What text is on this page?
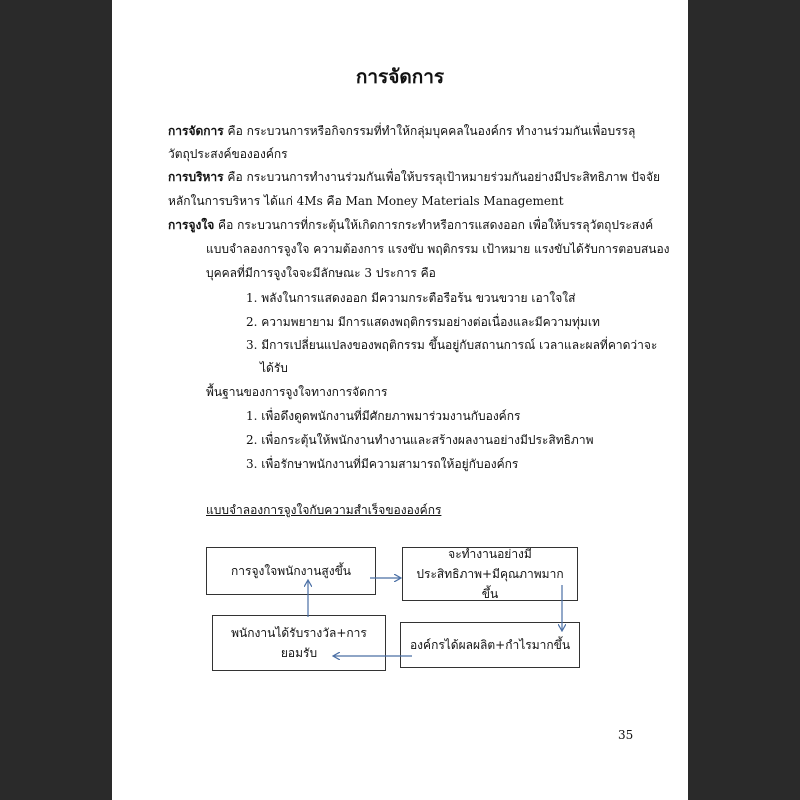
การจัดการ
การจัดการ คือ กระบวนการหรือกิจกรรมที่ทำให้กลุ่มบุคคลในองค์กร ทำงานร่วมกันเพื่อบรรลุ
วัตถุประสงค์ขององค์กร
การบริหาร คือ กระบวนการทำงานร่วมกันเพื่อให้บรรลุเป้าหมายร่วมกันอย่างมีประสิทธิภาพ ปัจจัย
หลักในการบริหาร ได้แก่ 4Ms คือ Man Money Materials Management
การจูงใจ คือ กระบวนการที่กระตุ้นให้เกิดการกระทำหรือการแสดงออก เพื่อให้บรรลุวัตถุประสงค์
แบบจำลองการจูงใจ ความต้องการ แรงขับ พฤติกรรม เป้าหมาย แรงขับได้รับการตอบสนอง
บุคคลที่มีการจูงใจจะมีลักษณะ 3 ประการ คือ
1. พลังในการแสดงออก มีความกระตือรือร้น ขวนขวาย เอาใจใส่
2. ความพยายาม มีการแสดงพฤติกรรมอย่างต่อเนื่องและมีความทุ่มเท
3. มีการเปลี่ยนแปลงของพฤติกรรม ขึ้นอยู่กับสถานการณ์ เวลาและผลที่คาดว่าจะ
ได้รับ
พื้นฐานของการจูงใจทางการจัดการ
1. เพื่อดึงดูดพนักงานที่มีศักยภาพมาร่วมงานกับองค์กร
2. เพื่อกระตุ้นให้พนักงานทำงานและสร้างผลงานอย่างมีประสิทธิภาพ
3. เพื่อรักษาพนักงานที่มีความสามารถให้อยู่กับองค์กร
แบบจำลองการจูงใจกับความสำเร็จขององค์กร
การจูงใจพนักงานสูงขึ้น
จะทำงานอย่างมีประสิทธิภาพ+มีคุณภาพมากขึ้น
องค์กรได้ผลผลิต+กำไรมากขึ้น
พนักงานได้รับรางวัล+การยอมรับ
35
